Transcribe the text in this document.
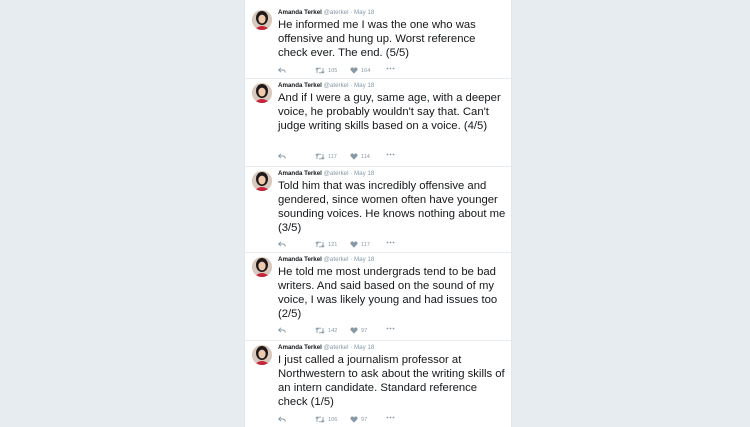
Amanda Terkel @aterkel · May 18
He informed me I was the one who was offensive and hung up. Worst reference check ever. The end. (5/5)
105	164
Amanda Terkel @aterkel · May 18
And if I were a guy, same age, with a deeper voice, he probably wouldn't say that. Can't judge writing skills based on a voice. (4/5)
117	114
Amanda Terkel @aterkel · May 18
Told him that was incredibly offensive and gendered, since women often have younger sounding voices. He knows nothing about me (3/5)
121	117
Amanda Terkel @aterkel · May 18
He told me most undergrads tend to be bad writers. And said based on the sound of my voice, I was likely young and had issues too (2/5)
142	97
Amanda Terkel @aterkel · May 18
I just called a journalism professor at Northwestern to ask about the writing skills of an intern candidate. Standard reference check (1/5)
106	97
